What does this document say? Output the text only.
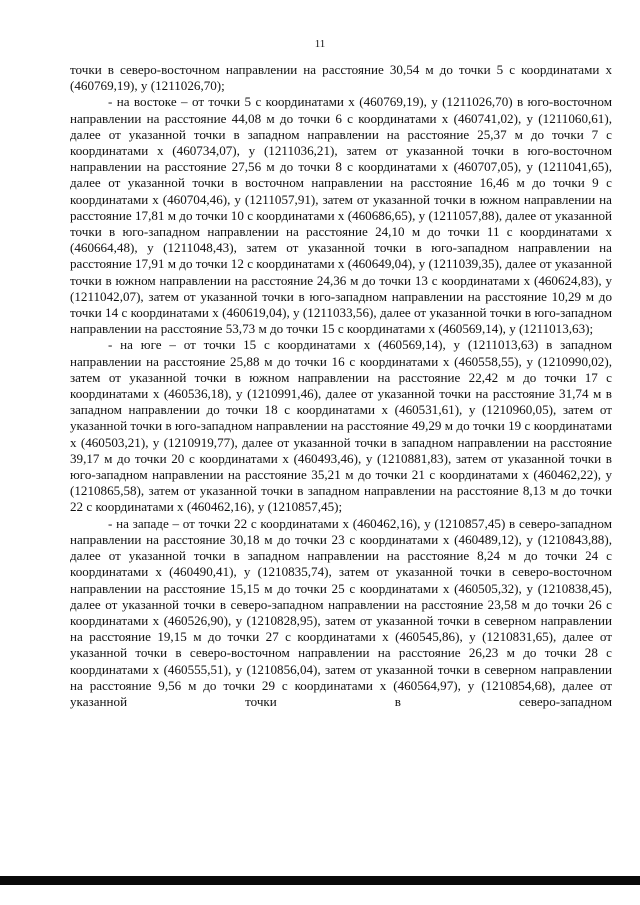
11

точки в северо-восточном направлении на расстояние 30,54 м до точки 5 с координатами х (460769,19), у (1211026,70);

- на востоке – от точки 5 с координатами х (460769,19), у (1211026,70) в юго-восточном направлении на расстояние 44,08 м до точки 6 с координатами х (460741,02), у (1211060,61), далее от указанной точки в западном направлении на расстояние 25,37 м до точки 7 с координатами х (460734,07), у (1211036,21), затем от указанной точки в юго-восточном направлении на расстояние 27,56 м до точки 8 с координатами х (460707,05), у (1211041,65), далее от указанной точки в восточном направлении на расстояние 16,46 м до точки 9 с координатами х (460704,46), у (1211057,91), затем от указанной точки в южном направлении на расстояние 17,81 м до точки 10 с координатами х (460686,65), у (1211057,88), далее от указанной точки в юго-западном направлении на расстояние 24,10 м до точки 11 с координатами х (460664,48), у (1211048,43), затем от указанной точки в юго-западном направлении на расстояние 17,91 м до точки 12 с координатами х (460649,04), у (1211039,35), далее от указанной точки в южном направлении на расстояние 24,36 м до точки 13 с координатами х (460624,83), у (1211042,07), затем от указанной точки в юго-западном направлении на расстояние 10,29 м до точки 14 с координатами х (460619,04), у (1211033,56), далее от указанной точки в юго-западном направлении на расстояние 53,73 м до точки 15 с координатами х (460569,14), у (1211013,63);

- на юге – от точки 15 с координатами х (460569,14), у (1211013,63) в западном направлении на расстояние 25,88 м до точки 16 с координатами х (460558,55), у (1210990,02), затем от указанной точки в южном направлении на расстояние 22,42 м до точки 17 с координатами х (460536,18), у (1210991,46), далее от указанной точки на расстояние 31,74 м в западном направлении до точки 18 с координатами х (460531,61), у (1210960,05), затем от указанной точки в юго-западном направлении на расстояние 49,29 м до точки 19 с координатами х (460503,21), у (1210919,77), далее от указанной точки в западном направлении на расстояние 39,17 м до точки 20 с координатами х (460493,46), у (1210881,83), затем от указанной точки в юго-западном направлении на расстояние 35,21 м до точки 21 с координатами х (460462,22), у (1210865,58), затем от указанной точки в западном направлении на расстояние 8,13 м до точки 22 с координатами х (460462,16), у (1210857,45);

- на западе – от точки 22 с координатами х (460462,16), у (1210857,45) в северо-западном направлении на расстояние 30,18 м до точки 23 с координатами х (460489,12), у (1210843,88), далее от указанной точки в западном направлении на расстояние 8,24 м до точки 24 с координатами х (460490,41), у (1210835,74), затем от указанной точки в северо-восточном направлении на расстояние 15,15 м до точки 25 с координатами х (460505,32), у (1210838,45), далее от указанной точки в северо-западном направлении на расстояние 23,58 м до точки 26 с координатами х (460526,90), у (1210828,95), затем от указанной точки в северном направлении на расстояние 19,15 м до точки 27 с координатами х (460545,86), у (1210831,65), далее от указанной точки в северо-восточном направлении на расстояние 26,23 м до точки 28 с координатами х (460555,51), у (1210856,04), затем от указанной точки в северном направлении на расстояние 9,56 м до точки 29 с координатами х (460564,97), у (1210854,68), далее от указанной точки в северо-западном
